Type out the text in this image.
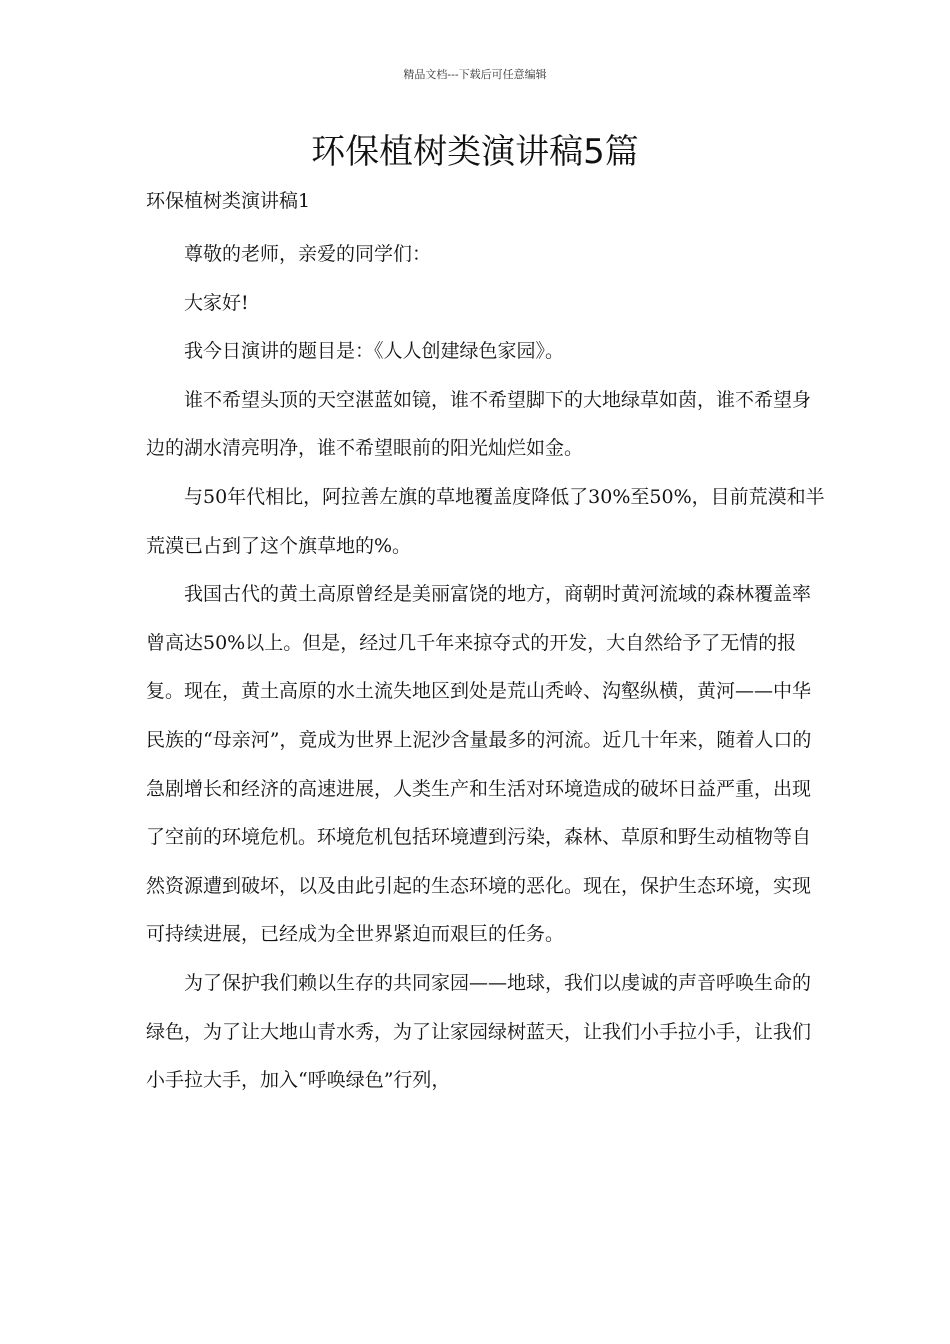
精品文档---下载后可任意编辑
环保植树类演讲稿5篇

环保植树类演讲稿1

尊敬的老师，亲爱的同学们：

大家好!

我今日演讲的题目是：《人人创建绿色家园》。

谁不希望头顶的天空湛蓝如镜，谁不希望脚下的大地绿草如茵，谁不希望身边的湖水清亮明净，谁不希望眼前的阳光灿烂如金。

与50年代相比，阿拉善左旗的草地覆盖度降低了30%至50%，目前荒漠和半荒漠已占到了这个旗草地的%。

我国古代的黄土高原曾经是美丽富饶的地方，商朝时黄河流域的森林覆盖率曾高达50%以上。但是，经过几千年来掠夺式的开发，大自然给予了无情的报复。现在，黄土高原的水土流失地区到处是荒山秃岭、沟壑纵横，黄河——中华民族的“母亲河”，竟成为世界上泥沙含量最多的河流。近几十年来，随着人口的急剧增长和经济的高速进展，人类生产和生活对环境造成的破坏日益严重，出现了空前的环境危机。环境危机包括环境遭到污染，森林、草原和野生动植物等自然资源遭到破坏，以及由此引起的生态环境的恶化。现在，保护生态环境，实现可持续进展，已经成为全世界紧迫而艰巨的任务。

为了保护我们赖以生存的共同家园——地球，我们以虔诚的声音呼唤生命的绿色，为了让大地山青水秀，为了让家园绿树蓝天，让我们小手拉小手，让我们小手拉大手，加入“呼唤绿色”行列，
